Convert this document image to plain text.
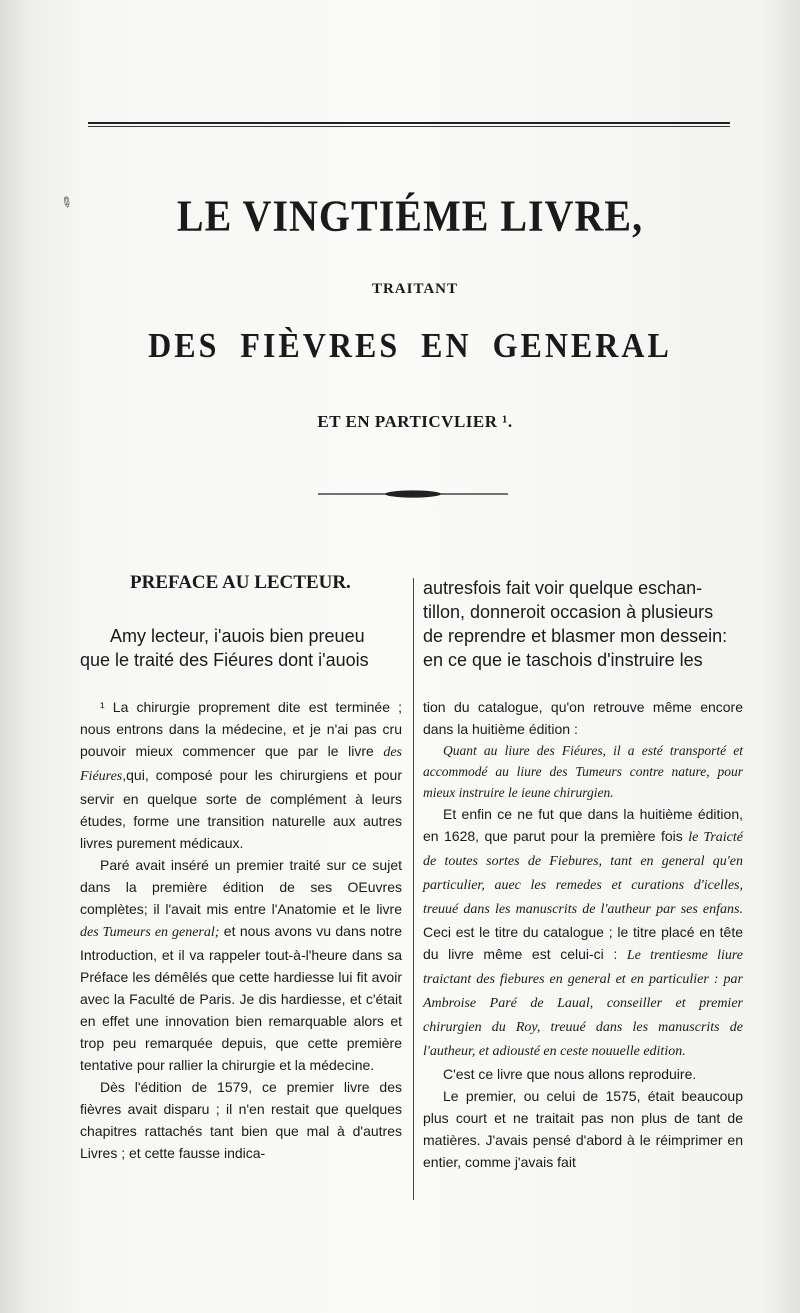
✎	LE VINGTIÉME LIVRE,
TRAITANT
DES FIÈVRES EN GENERAL
ET EN PARTICVLIER ¹.
PREFACE AU LECTEUR.
Amy lecteur, i'auois bien preueu
que le traité des Fiéures dont i'auois

¹ La chirurgie proprement dite est terminée ; nous entrons dans la médecine, et je n'ai pas cru pouvoir mieux commencer que par le livre des Fiéures,qui, composé pour les chirurgiens et pour servir en quelque sorte de complément à leurs études, forme une transition naturelle aux autres livres purement médicaux.

Paré avait inséré un premier traité sur ce sujet dans la première édition de ses OEuvres complètes; il l'avait mis entre l'Anatomie et le livre des Tumeurs en general; et nous avons vu dans notre Introduction, et il va rappeler tout-à-l'heure dans sa Préface les démêlés que cette hardiesse lui fit avoir avec la Faculté de Paris. Je dis hardiesse, et c'était en effet une innovation bien remarquable alors et trop peu remarquée depuis, que cette première tentative pour rallier la chirurgie et la médecine.

Dès l'édition de 1579, ce premier livre des fièvres avait disparu ; il n'en restait que quelques chapitres rattachés tant bien que mal à d'autres Livres ; et cette fausse indica-

autresfois fait voir quelque eschan-
tillon, donneroit occasion à plusieurs
de reprendre et blasmer mon dessein:
en ce que ie taschois d'instruire les

tion du catalogue, qu'on retrouve même encore dans la huitième édition :

Quant au liure des Fiéures, il a esté transporté et accommodé au liure des Tumeurs contre nature, pour mieux instruire le ieune chirurgien.

Et enfin ce ne fut que dans la huitième édition, en 1628, que parut pour la première fois le Traicté de toutes sortes de Fiebures, tant en general qu'en particulier, auec les remedes et curations d'icelles, treuué dans les manuscrits de l'autheur par ses enfans. Ceci est le titre du catalogue ; le titre placé en tête du livre même est celui-ci : Le trentiesme liure traictant des fiebures en general et en particulier : par Ambroise Paré de Laual, conseiller et premier chirurgien du Roy, treuué dans les manuscrits de l'autheur, et adiousté en ceste nouuelle edition.

C'est ce livre que nous allons reproduire.

Le premier, ou celui de 1575, était beaucoup plus court et ne traitait pas non plus de tant de matières. J'avais pensé d'abord à le réimprimer en entier, comme j'avais fait
